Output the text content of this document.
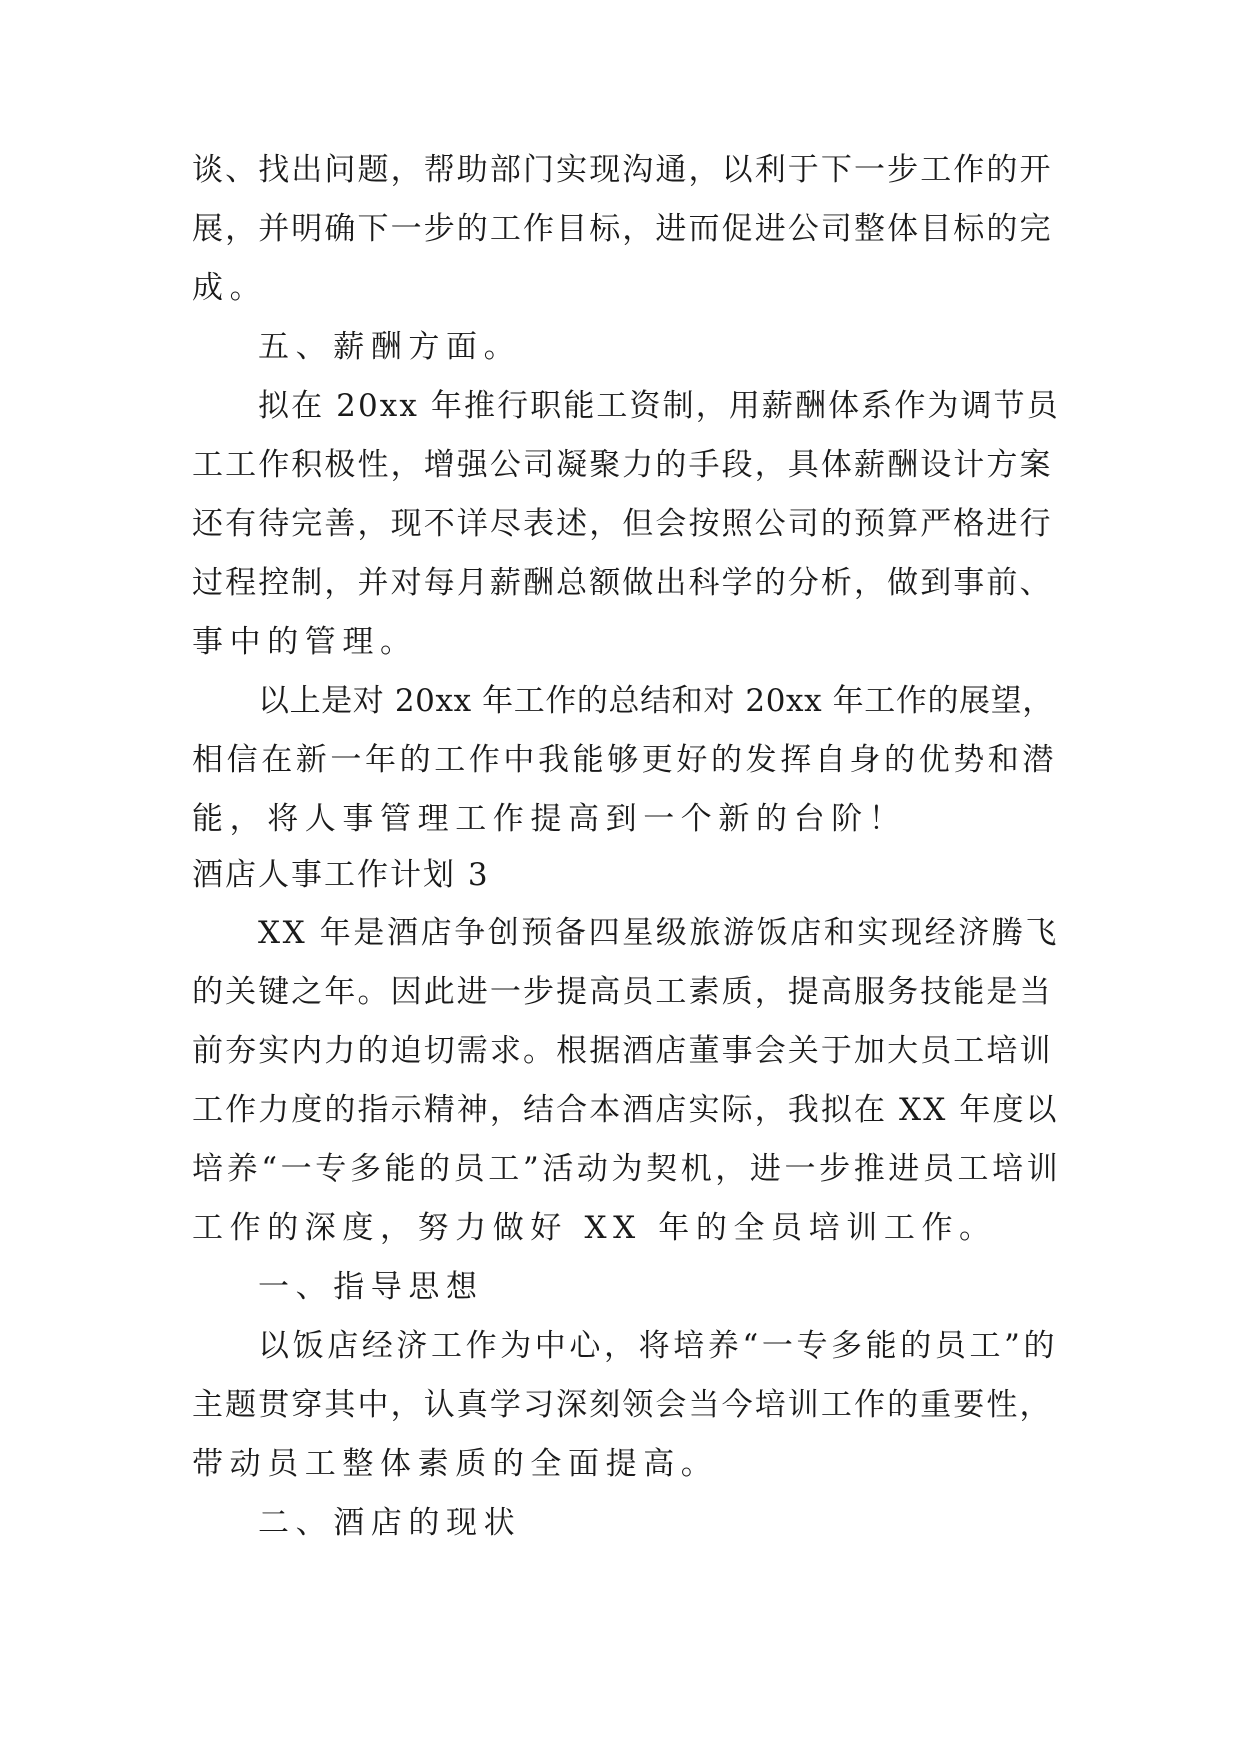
谈、找出问题，帮助部门实现沟通，以利于下一步工作的开
展，并明确下一步的工作目标，进而促进公司整体目标的完
成。
五、薪酬方面。
拟在 20xx 年推行职能工资制，用薪酬体系作为调节员
工工作积极性，增强公司凝聚力的手段，具体薪酬设计方案
还有待完善，现不详尽表述，但会按照公司的预算严格进行
过程控制，并对每月薪酬总额做出科学的分析，做到事前、
事中的管理。
以上是对 20xx 年工作的总结和对 20xx 年工作的展望，
相信在新一年的工作中我能够更好的发挥自身的优势和潜
能，将人事管理工作提高到一个新的台阶！
酒店人事工作计划 3
XX 年是酒店争创预备四星级旅游饭店和实现经济腾飞
的关键之年。因此进一步提高员工素质，提高服务技能是当
前夯实内力的迫切需求。根据酒店董事会关于加大员工培训
工作力度的指示精神，结合本酒店实际，我拟在 XX 年度以
培养“一专多能的员工”活动为契机，进一步推进员工培训
工作的深度，努力做好 XX 年的全员培训工作。
一、指导思想
以饭店经济工作为中心，将培养“一专多能的员工”的
主题贯穿其中，认真学习深刻领会当今培训工作的重要性，
带动员工整体素质的全面提高。
二、酒店的现状
